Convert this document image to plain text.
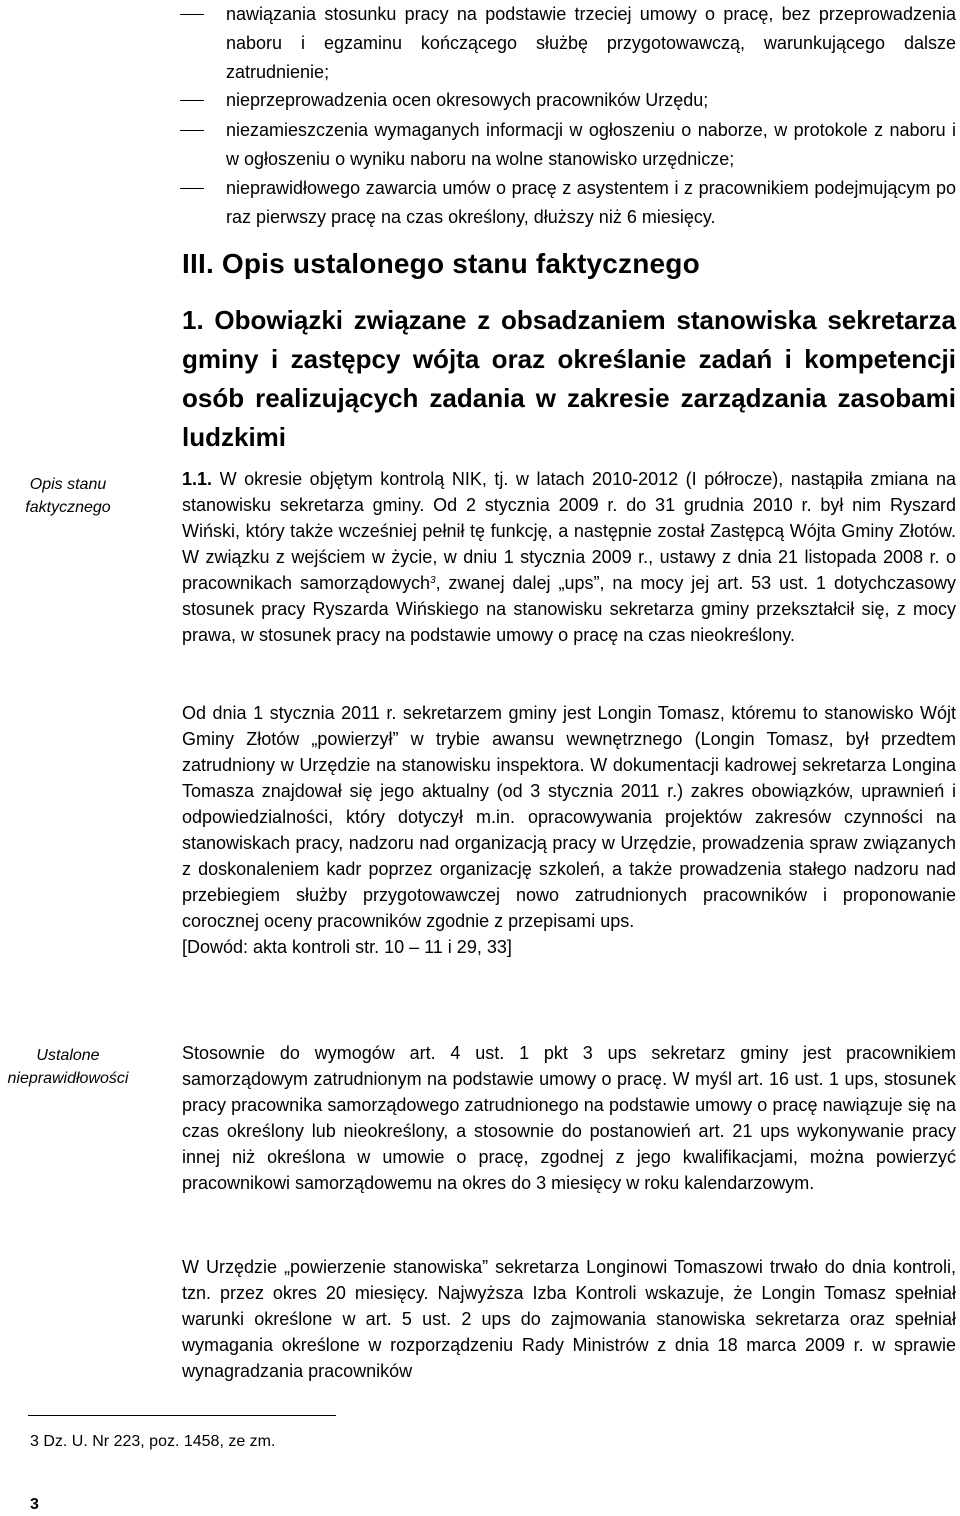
nawiązania stosunku pracy na podstawie trzeciej umowy o pracę, bez przeprowadzenia naboru i egzaminu kończącego służbę przygotowawczą, warunkującego dalsze zatrudnienie;
nieprzeprowadzenia ocen okresowych pracowników Urzędu;
niezamieszczenia wymaganych informacji w ogłoszeniu o naborze, w protokole z naboru i w ogłoszeniu o wyniku naboru na wolne stanowisko urzędnicze;
nieprawidłowego zawarcia umów o pracę z asystentem i z pracownikiem podejmującym po raz pierwszy pracę na czas określony, dłuższy niż 6 miesięcy.
III. Opis ustalonego stanu faktycznego
1. Obowiązki związane z obsadzaniem stanowiska sekretarza gminy i zastępcy wójta oraz określanie zadań i kompetencji osób realizujących zadania w zakresie zarządzania zasobami ludzkimi
Opis stanu faktycznego
Ustalone nieprawidłowości
1.1. W okresie objętym kontrolą NIK, tj. w latach 2010-2012 (I półrocze), nastąpiła zmiana na stanowisku sekretarza gminy. Od 2 stycznia 2009 r. do 31 grudnia 2010 r. był nim Ryszard Wiński, który także wcześniej pełnił tę funkcję, a następnie został Zastępcą Wójta Gminy Złotów. W związku z wejściem w życie, w dniu 1 stycznia 2009 r., ustawy z dnia 21 listopada 2008 r. o pracownikach samorządowych$^3$, zwanej dalej „ups”, na mocy jej art. 53 ust. 1 dotychczasowy stosunek pracy Ryszarda Wińskiego na stanowisku sekretarza gminy przekształcił się, z mocy prawa, w stosunek pracy na podstawie umowy o pracę na czas nieokreślony.
Od dnia 1 stycznia 2011 r. sekretarzem gminy jest Longin Tomasz, któremu to stanowisko Wójt Gminy Złotów „powierzył” w trybie awansu wewnętrznego (Longin Tomasz, był przedtem zatrudniony w Urzędzie na stanowisku inspektora. W dokumentacji kadrowej sekretarza Longina Tomasza znajdował się jego aktualny (od 3 stycznia 2011 r.) zakres obowiązków, uprawnień i odpowiedzialności, który dotyczył m.in. opracowywania projektów zakresów czynności na stanowiskach pracy, nadzoru nad organizacją pracy w Urzędzie, prowadzenia spraw związanych z doskonaleniem kadr poprzez organizację szkoleń, a także prowadzenia stałego nadzoru nad przebiegiem służby przygotowawczej nowo zatrudnionych pracowników i proponowanie corocznej oceny pracowników zgodnie z przepisami ups.
[Dowód: akta kontroli str. 10 – 11 i 29, 33]
Stosownie do wymogów art. 4 ust. 1 pkt 3 ups sekretarz gminy jest pracownikiem samorządowym zatrudnionym na podstawie umowy o pracę. W myśl art. 16 ust. 1 ups, stosunek pracy pracownika samorządowego zatrudnionego na podstawie umowy o pracę nawiązuje się na czas określony lub nieokreślony, a stosownie do postanowień art. 21 ups wykonywanie pracy innej niż określona w umowie o pracę, zgodnej z jego kwalifikacjami, można powierzyć pracownikowi samorządowemu na okres do 3 miesięcy w roku kalendarzowym.
W Urzędzie „powierzenie stanowiska” sekretarza Longinowi Tomaszowi trwało do dnia kontroli, tzn. przez okres 20 miesięcy. Najwyższa Izba Kontroli wskazuje, że Longin Tomasz spełniał warunki określone w art. 5 ust. 2 ups do zajmowania stanowiska sekretarza oraz spełniał wymagania określone w rozporządzeniu Rady Ministrów z dnia 18 marca 2009 r. w sprawie wynagradzania pracowników
3 Dz. U. Nr 223, poz. 1458, ze zm.
3
